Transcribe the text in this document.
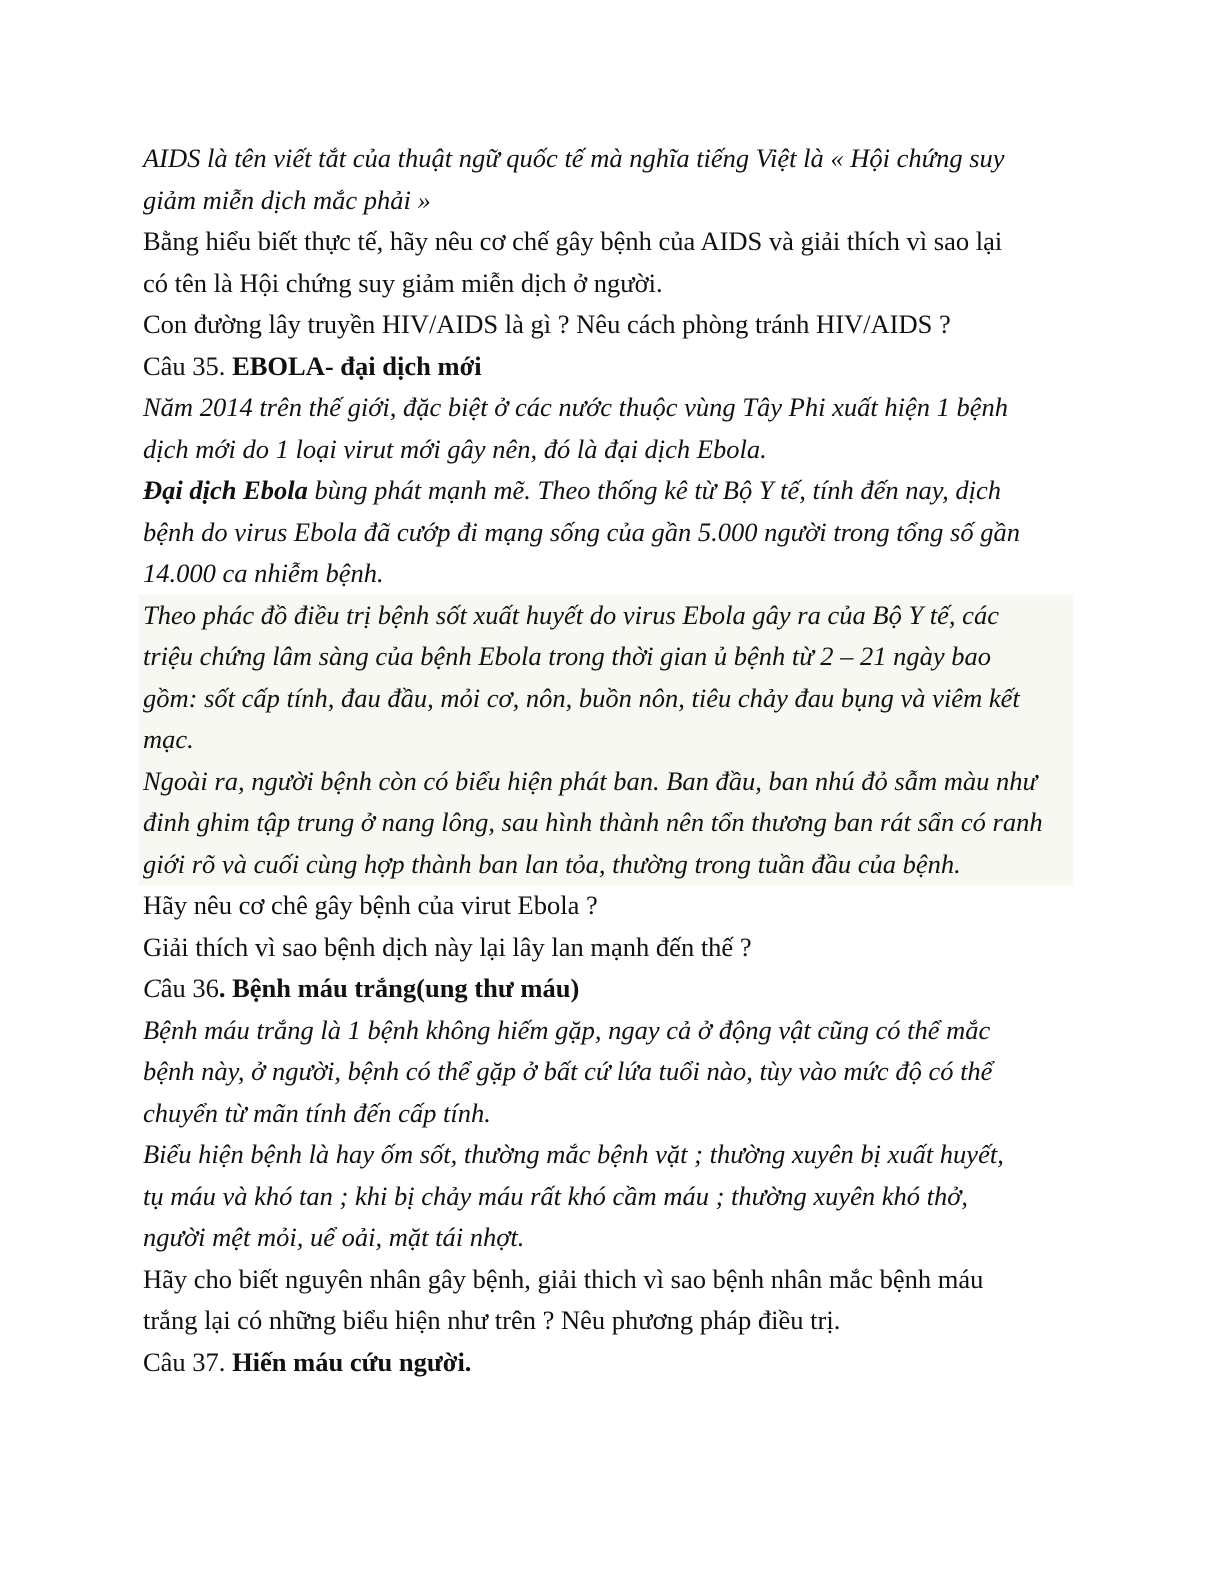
AIDS là tên viết tắt của thuật ngữ quốc tế mà nghĩa tiếng Việt là « Hội chứng suy
giảm miễn dịch mắc phải »
Bằng hiểu biết thực tế, hãy nêu cơ chế gây bệnh của AIDS và giải thích vì sao lại
có tên là Hội chứng suy giảm miễn dịch ở người.
Con đường lây truyền HIV/AIDS là gì ? Nêu cách phòng tránh HIV/AIDS ?
Câu 35. EBOLA- đại dịch mới
Năm 2014 trên thế giới, đặc biệt ở các nước thuộc vùng Tây Phi xuất hiện 1 bệnh
dịch mới do 1 loại virut mới gây nên, đó là đại dịch Ebola.
Đại dịch Ebola bùng phát mạnh mẽ. Theo thống kê từ Bộ Y tế, tính đến nay, dịch
bệnh do virus Ebola đã cướp đi mạng sống của gần 5.000 người trong tổng số gần
14.000 ca nhiễm bệnh.
Theo phác đồ điều trị bệnh sốt xuất huyết do virus Ebola gây ra của Bộ Y tế, các
triệu chứng lâm sàng của bệnh Ebola trong thời gian ủ bệnh từ 2 – 21 ngày bao
gồm: sốt cấp tính, đau đầu, mỏi cơ, nôn, buồn nôn, tiêu chảy đau bụng và viêm kết
mạc.
Ngoài ra, người bệnh còn có biểu hiện phát ban. Ban đầu, ban nhú đỏ sẫm màu như
đinh ghim tập trung ở nang lông, sau hình thành nên tổn thương ban rát sẩn có ranh
giới rõ và cuối cùng hợp thành ban lan tỏa, thường trong tuần đầu của bệnh.
Hãy nêu cơ chê gây bệnh của virut Ebola ?
Giải thích vì sao bệnh dịch này lại lây lan mạnh đến thế ?
Câu 36. Bệnh máu trắng(ung thư máu)
Bệnh máu trắng là 1 bệnh không hiếm gặp, ngay cả ở động vật cũng có thể mắc
bệnh này, ở người, bệnh có thể gặp ở bất cứ lứa tuổi nào, tùy vào mức độ có thể
chuyển từ mãn tính đến cấp tính.
Biểu hiện bệnh là hay ốm sốt, thường mắc bệnh vặt ; thường xuyên bị xuất huyết,
tụ máu và khó tan ; khi bị chảy máu rất khó cầm máu ; thường xuyên khó thở,
người mệt mỏi, uể oải, mặt tái nhợt.
Hãy cho biết nguyên nhân gây bệnh, giải thich vì sao bệnh nhân mắc bệnh máu
trắng lại có những biểu hiện như trên ? Nêu phương pháp điều trị.
Câu 37. Hiến máu cứu người.
